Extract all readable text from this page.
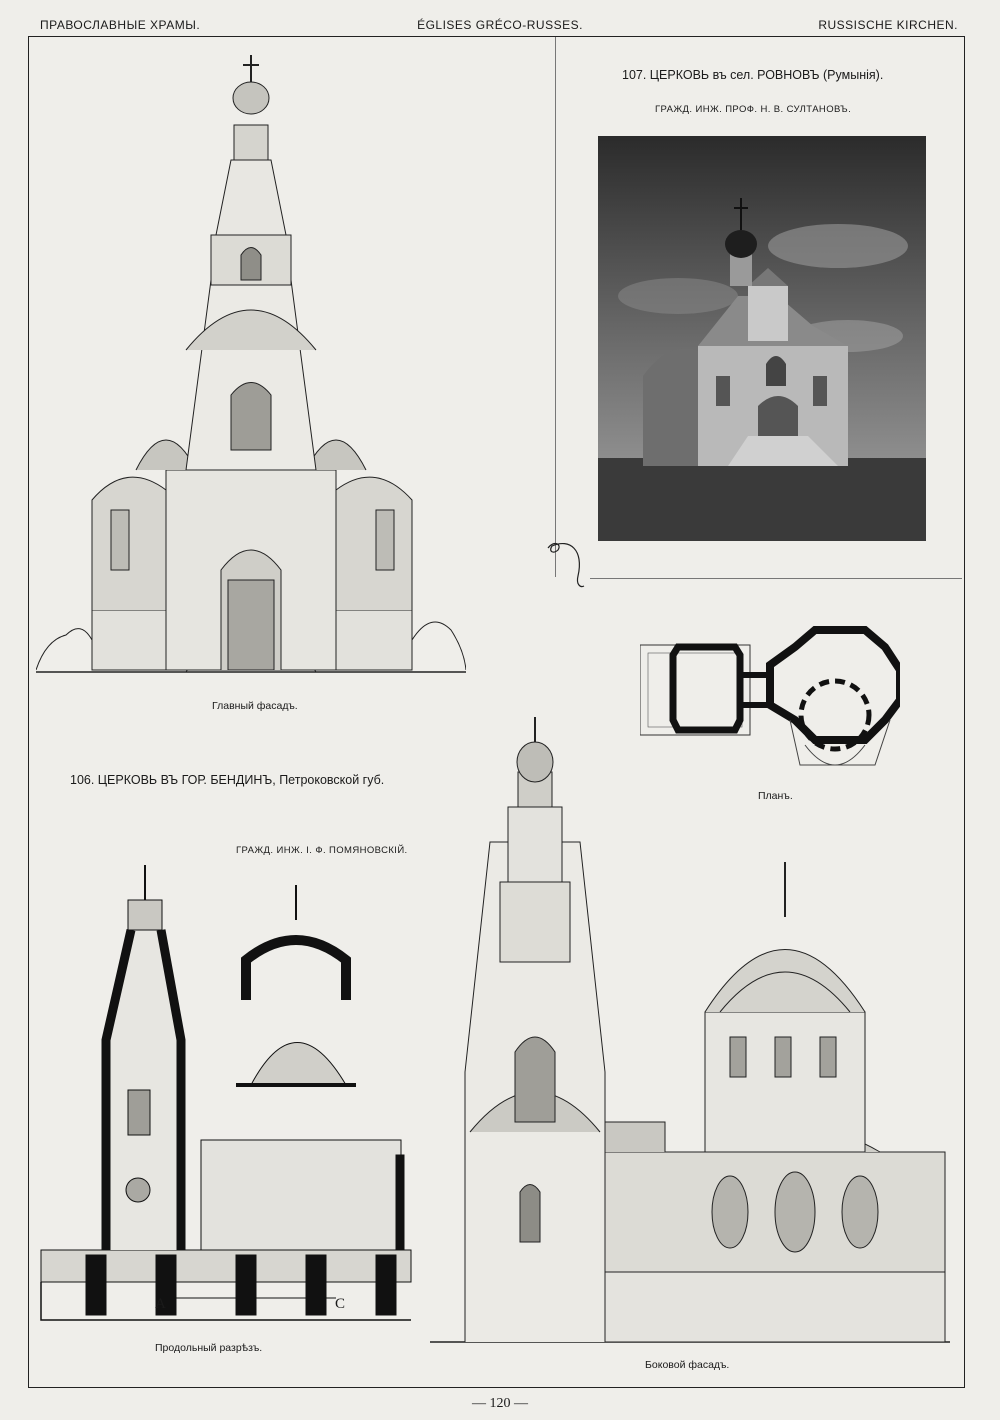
ПРАВОСЛАВНЫЕ ХРАМЫ.	ÉGLISES GRÉCO-RUSSES.	RUSSISCHE KIRCHEN.
107. ЦЕРКОВЬ въ сел. РОВНОВЪ (Румынія).
ГРАЖД. ИНЖ. ПРОФ. Н. В. СУЛТАНОВЪ.
Планъ.
Главный фасадъ.
106. ЦЕРКОВЬ ВЪ ГОР. БЕНДИНЪ, Петроковской губ.
ГРАЖД. ИНЖ. І. Ф. ПОМЯНОВСКІЙ.
А	С
Продольный разрѣзъ.
Боковой фасадъ.
— 120 —
